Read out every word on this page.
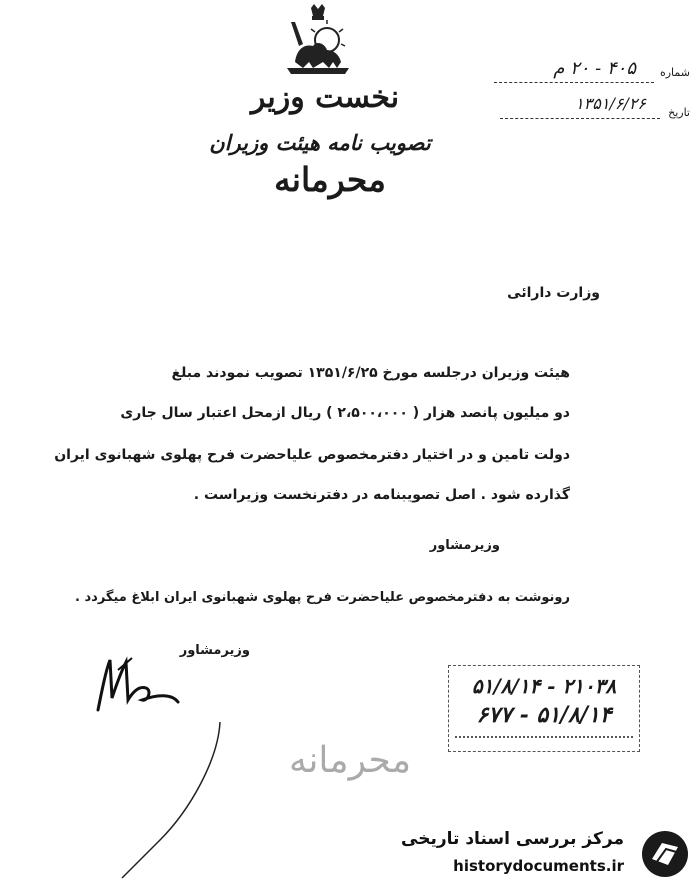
شماره
۴۰۵ - ۲۰ م
تاریخ
۱۳۵۱/۶/۲۶
نخست وزیر
تصویب نامه هیئت وزیران
محرمانه
وزارت دارائی
هیئت وزیران درجلسه مورخ ۱۳۵۱/۶/۲۵ تصویب نمودند مبلغ
دو میلیون پانصد هزار ( ۲،۵۰۰،۰۰۰ ) ریال ازمحل اعتبار سال جاری
دولت تامین و در اختیار دفترمخصوص علیاحضرت فرح پهلوی شهبانوی ایران
گذارده شود . اصل تصویبنامه در دفترنخست وزیراست .
وزیرمشاور
رونوشت به دفترمخصوص علیاحضرت فرح پهلوی شهبانوی ایران ابلاغ میگردد .
وزیرمشاور
۲۱۰۳۸ - ۵۱/۸/۱۴
۵۱/۸/۱۴ - ۶۷۷
محرمانه
مرکز بررسی اسناد تاریخی
historydocuments.ir
